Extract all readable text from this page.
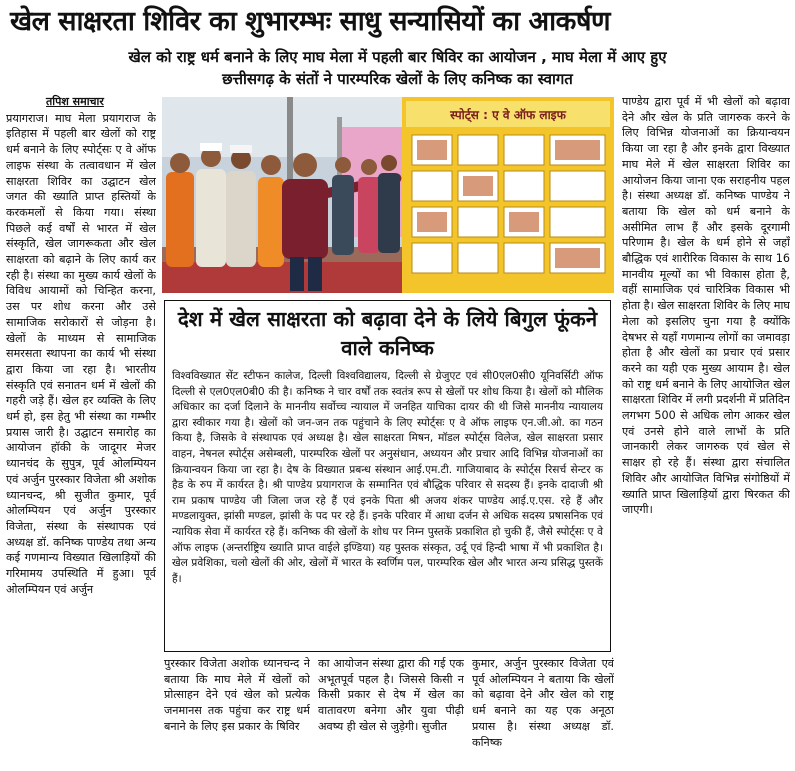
खेल साक्षरता शिविर का शुभारम्भः साधु सन्यासियों का आकर्षण
खेल को राष्ट्र धर्म बनाने के लिए माघ मेला में पहली बार षिविर का आयोजन , माघ मेला में आए हुए
छत्तीसगढ़ के संतों ने पारम्परिक खेलों के लिए कनिष्क का स्वागत
तपिश समाचार

प्रयागराज। माघ मेला प्रयागराज के इतिहास में पहली बार खेलों को राष्ट्र धर्म बनाने के लिए स्पोर्ट्सः ए वे ऑफ लाइफ संस्था के तत्वावधान में खेल साक्षरता शिविर का उद्घाटन खेल जगत की ख्याति प्राप्त हस्तियों के करकमलों से किया गया। संस्था पिछले कई वर्षों से भारत में खेल संस्कृति, खेल जागरूकता और खेल साक्षरता को बढ़ाने के लिए कार्य कर रही है। संस्था का मुख्य कार्य खेलों के विविध आयामों को चिन्हित करना, उस पर शोध करना और उसे सामाजिक सरोकारों से जोड़ना है। खेलों के माध्यम से सामाजिक समरसता स्थापना का कार्य भी संस्था द्वारा किया जा रहा है। भारतीय संस्कृति एवं सनातन धर्म में खेलों की गहरी जड़े हैं। खेल हर व्यक्ति के लिए धर्म हो, इस हेतु भी संस्था का गम्भीर प्रयास जारी है। उद्घाटन समारोह का आयोजन हॉकी के जादूगर मेजर ध्यानचंद के सुपुत्र, पूर्व ओलम्पियन एवं अर्जुन पुरस्कार विजेता श्री अशोक ध्यानचन्द, श्री सुजीत कुमार, पूर्व ओलम्पियन एवं अर्जुन पुरस्कार विजेता, संस्था के संस्थापक एवं अध्यक्ष डॉ. कनिष्क पाण्डेय तथा अन्य कई गणमान्य विख्यात खिलाड़ियों की गरिमामय उपस्थिति में हुआ। पूर्व ओलम्पियन एवं अर्जुन

स्पोर्ट्स : ए वे ऑफ लाइफ
देश में खेल साक्षरता को बढ़ावा देने के लिये बिगुल फूंकने वाले कनिष्क
विश्वविख्यात सेंट स्टीफन कालेज, दिल्ली विश्वविद्यालय, दिल्ली से ग्रेजुएट एवं सी0एल0सी0 यूनिवर्सिटी ऑफ दिल्ली से एल0एल0बी0 की है। कनिष्क ने चार वर्षों तक स्वतंत्र रूप से खेलों पर शोध किया है। खेलों को मौलिक अधिकार का दर्जा दिलाने के माननीय सर्वोच्च न्यायाल में जनहित याचिका दायर की थी जिसे माननीय न्यायालय द्वारा स्वीकार गया है। खेलों को जन-जन तक पहुंचाने के लिए स्पोर्ट्सः ए वे ऑफ लाइफ एन.जी.ओ. का गठन किया है, जिसके वे संस्थापक एवं अध्यक्ष है। खेल साक्षरता मिषन, मॉडल स्पोर्ट्स विलेज, खेल साक्षरता प्रसार वाहन, नेषनल स्पोर्ट्स असेम्बली, पारम्परिक खेलों पर अनुसंधान, अध्ययन और प्रचार आदि विभिन्न योजनाओं का क्रियान्वयन किया जा रहा है। देष के विख्यात प्रबन्ध संस्थान आई.एम.टी. गाजियाबाद के स्पोर्ट्स रिसर्च सेन्टर क हैड के रुप में कार्यरत है। श्री पाण्डेय प्रयागराज के सम्मानित एवं बौद्धिक परिवार से सदस्य हैं। इनके दादाजी श्री राम प्रकाष पाण्डेय जी जिला जज रहे हैं एवं इनके पिता श्री अजय शंकर पाण्डेय आई.ए.एस. रहे हैं और मण्डलायुक्त, झांसी मण्डल, झांसी के पद पर रहे हैं। इनके परिवार में आधा दर्जन से अधिक सदस्य प्रषासनिक एवं न्यायिक सेवा में कार्यरत रहे हैं। कनिष्क की खेलों के शोध पर निम्न पुस्तकें प्रकाशित हो चुकी हैं, जैसे स्पोर्ट्सः ए वे ऑफ लाइफ (अन्तर्राष्ट्रिय ख्याति प्राप्त वाईले इण्डिया) यह पुस्तक संस्कृत, उर्दू एवं हिन्दी भाषा में भी प्रकाशित है। खेल प्रवेशिका, चलो खेलों की ओर, खेलों में भारत के स्वर्णिम पल, पारम्परिक खेल और भारत अन्य प्रसिद्ध पुस्तकें हैं।
पुरस्कार विजेता अशोक ध्यानचन्द ने बताया कि माघ मेले में खेलों को प्रोत्साहन देने एवं खेल को प्रत्येक जनमानस तक पहुंचा कर राष्ट्र धर्म बनाने के लिए इस प्रकार के षिविर
का आयोजन संस्था द्वारा की गई एक अभूतपूर्व पहल है। जिससे किसी न किसी प्रकार से देष में खेल का वातावरण बनेगा और युवा पीढ़ी अवष्य ही खेल से जुड़ेगी। सुजीत
कुमार, अर्जुन पुरस्कार विजेता एवं पूर्व ओलम्पियन ने बताया कि खेलों को बढ़ावा देने और खेल को राष्ट्र धर्म बनाने का यह एक अनूठा प्रयास है। संस्था अध्यक्ष डॉ. कनिष्क
पाण्डेय द्वारा पूर्व में भी खेलों को बढ़ावा देने और खेल के प्रति जागरुक करने के लिए विभिन्न योजनाओं का क्रियान्वयन किया जा रहा है और इनके द्वारा विख्यात माघ मेले में खेल साक्षरता शिविर का आयोजन किया जाना एक सराहनीय पहल है। संस्था अध्यक्ष डॉ. कनिष्क पाण्डेय ने बताया कि खेल को धर्म बनाने के असीमित लाभ हैं और इसके दूरगामी परिणाम है। खेल के धर्म होने से जहाँ बौद्धिक एवं शारीरिक विकास के साथ 16 मानवीय मूल्यों का भी विकास होता है, वहीं सामाजिक एवं चारित्रिक विकास भी होता है। खेल साक्षरता शिविर के लिए माघ मेला को इसलिए चुना गया है क्योंकि देषभर से यहाँ गणमान्य लोगों का जमावड़ा होता है और खेलों का प्रचार एवं प्रसार करने का यही एक मुख्य आयाम है। खेल को राष्ट्र धर्म बनाने के लिए आयोजित खेल साक्षरता शिविर में लगी प्रदर्शनी में प्रतिदिन लगभग 500 से अधिक लोग आकर खेल एवं उनसे होने वाले लाभों के प्रति जानकारी लेकर जागरुक एवं खेल से साक्षर हो रहे हैं। संस्था द्वारा संचालित शिविर और आयोजित विभिन्न संगोष्ठियों में ख्याति प्राप्त खिलाड़ियों द्वारा षिरकत की जाएगी।
